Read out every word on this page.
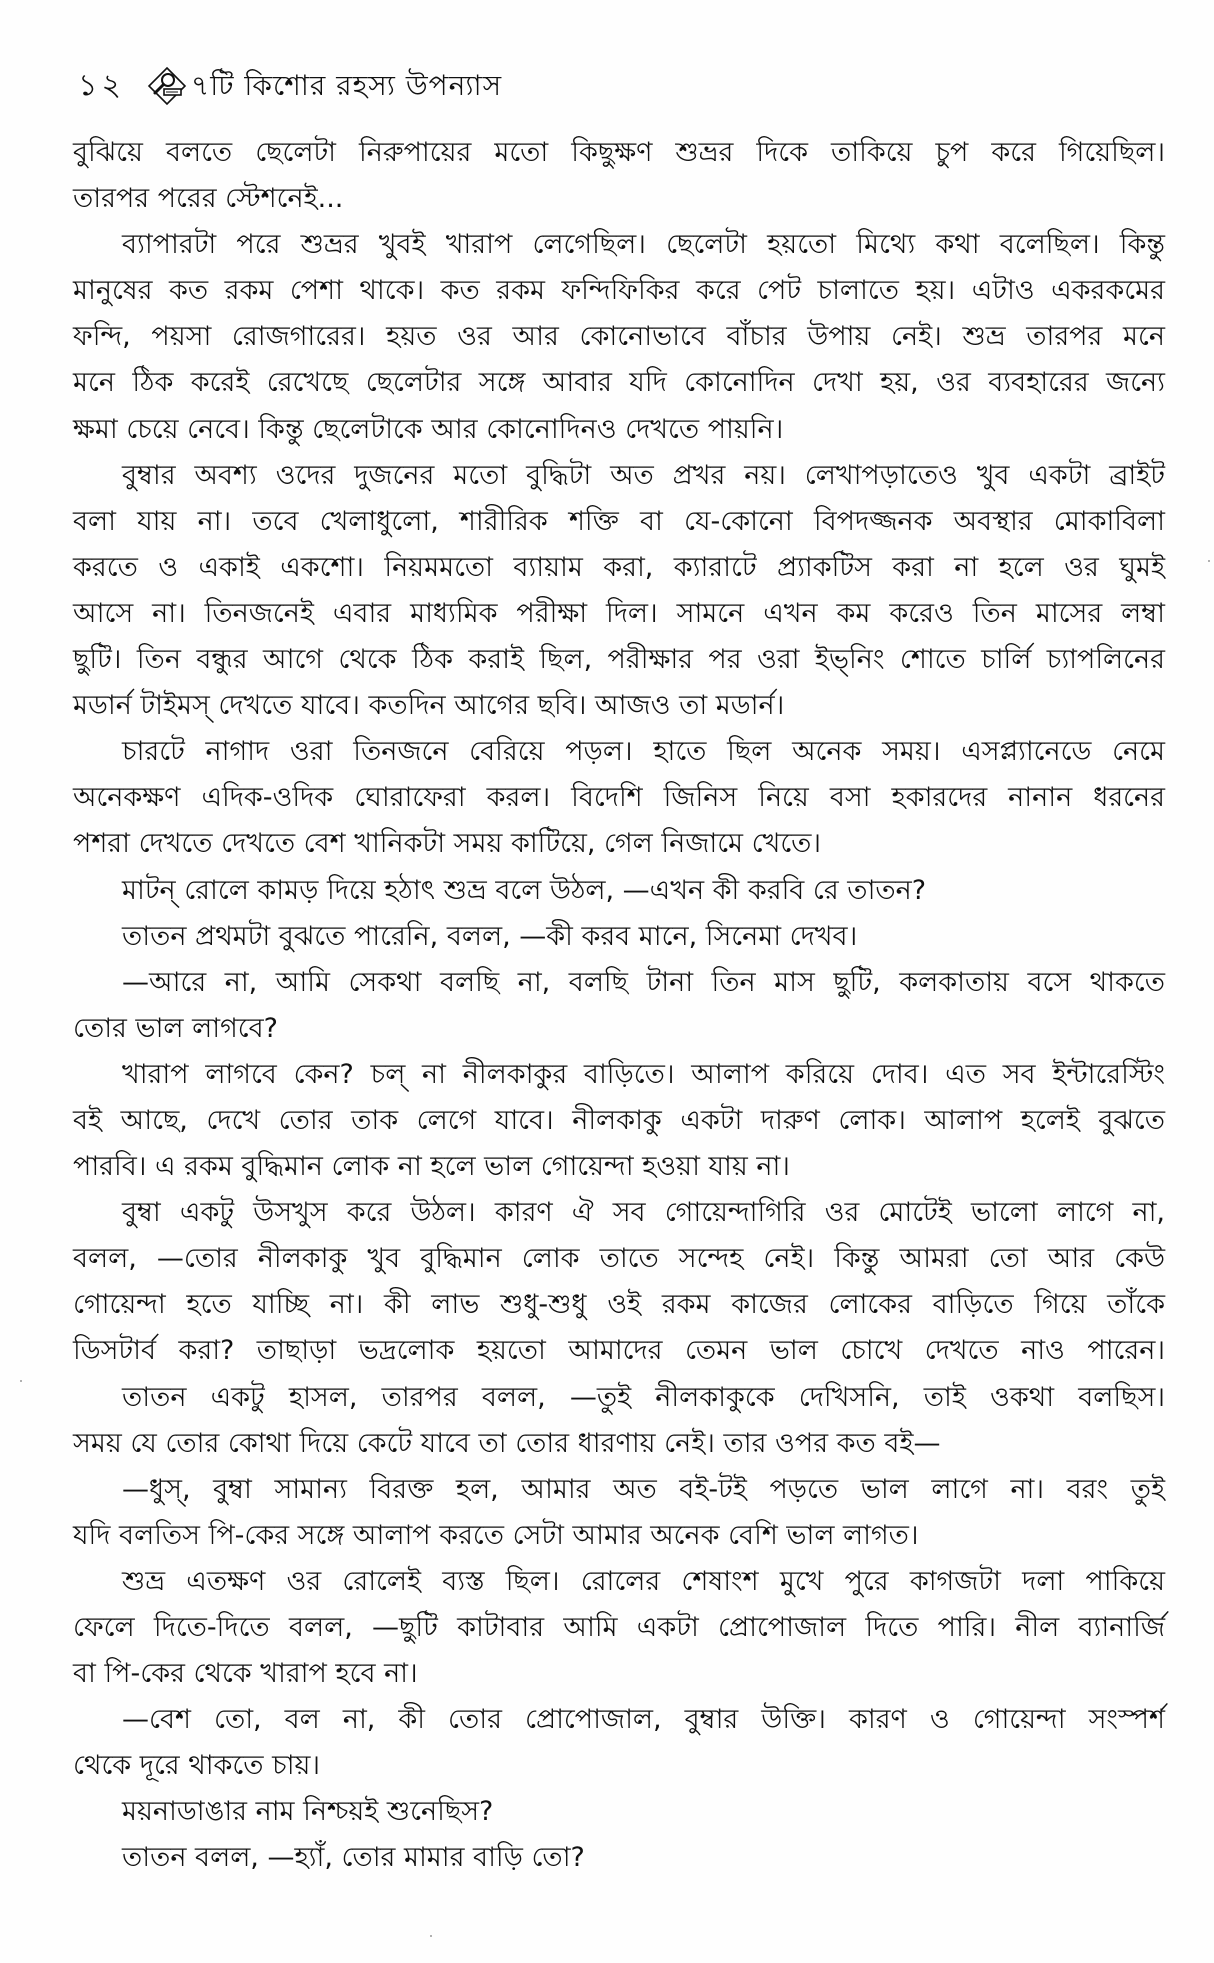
১২ ৭টি কিশোর রহস্য উপন্যাস
বুঝিয়ে বলতে ছেলেটা নিরুপায়ের মতো কিছুক্ষণ শুভ্রর দিকে তাকিয়ে চুপ করে গিয়েছিল।
তারপর পরের স্টেশনেই...
ব্যাপারটা পরে শুভ্রর খুবই খারাপ লেগেছিল। ছেলেটা হয়তো মিথ্যে কথা বলেছিল। কিন্তু
মানুষের কত রকম পেশা থাকে। কত রকম ফন্দিফিকির করে পেট চালাতে হয়। এটাও একরকমের
ফন্দি, পয়সা রোজগারের। হয়ত ওর আর কোনোভাবে বাঁচার উপায় নেই। শুভ্র তারপর মনে
মনে ঠিক করেই রেখেছে ছেলেটার সঙ্গে আবার যদি কোনোদিন দেখা হয়, ওর ব্যবহারের জন্যে
ক্ষমা চেয়ে নেবে। কিন্তু ছেলেটাকে আর কোনোদিনও দেখতে পায়নি।
বুম্বার অবশ্য ওদের দুজনের মতো বুদ্ধিটা অত প্রখর নয়। লেখাপড়াতেও খুব একটা ব্রাইট
বলা যায় না। তবে খেলাধুলো, শারীরিক শক্তি বা যে-কোনো বিপদজ্জনক অবস্থার মোকাবিলা
করতে ও একাই একশো। নিয়মমতো ব্যায়াম করা, ক্যারাটে প্র্যাকটিস করা না হলে ওর ঘুমই
আসে না। তিনজনেই এবার মাধ্যমিক পরীক্ষা দিল। সামনে এখন কম করেও তিন মাসের লম্বা
ছুটি। তিন বন্ধুর আগে থেকে ঠিক করাই ছিল, পরীক্ষার পর ওরা ইভ্‌নিং শোতে চার্লি চ্যাপলিনের
মডার্ন টাইমস্ দেখতে যাবে। কতদিন আগের ছবি। আজও তা মডার্ন।
চারটে নাগাদ ওরা তিনজনে বেরিয়ে পড়ল। হাতে ছিল অনেক সময়। এসপ্ল্যানেডে নেমে
অনেকক্ষণ এদিক-ওদিক ঘোরাফেরা করল। বিদেশি জিনিস নিয়ে বসা হকারদের নানান ধরনের
পশরা দেখতে দেখতে বেশ খানিকটা সময় কাটিয়ে, গেল নিজামে খেতে।
মাটন্ রোলে কামড় দিয়ে হঠাৎ শুভ্র বলে উঠল, —এখন কী করবি রে তাতন?
তাতন প্রথমটা বুঝতে পারেনি, বলল, —কী করব মানে, সিনেমা দেখব।
—আরে না, আমি সেকথা বলছি না, বলছি টানা তিন মাস ছুটি, কলকাতায় বসে থাকতে
তোর ভাল লাগবে?
খারাপ লাগবে কেন? চল্ না নীলকাকুর বাড়িতে। আলাপ করিয়ে দোব। এত সব ইন্টারেস্টিং
বই আছে, দেখে তোর তাক লেগে যাবে। নীলকাকু একটা দারুণ লোক। আলাপ হলেই বুঝতে
পারবি। এ রকম বুদ্ধিমান লোক না হলে ভাল গোয়েন্দা হওয়া যায় না।
বুম্বা একটু উসখুস করে উঠল। কারণ ঐ সব গোয়েন্দাগিরি ওর মোটেই ভালো লাগে না,
বলল, —তোর নীলকাকু খুব বুদ্ধিমান লোক তাতে সন্দেহ নেই। কিন্তু আমরা তো আর কেউ
গোয়েন্দা হতে যাচ্ছি না। কী লাভ শুধু-শুধু ওই রকম কাজের লোকের বাড়িতে গিয়ে তাঁকে
ডিসটার্ব করা? তাছাড়া ভদ্রলোক হয়তো আমাদের তেমন ভাল চোখে দেখতে নাও পারেন।
তাতন একটু হাসল, তারপর বলল, —তুই নীলকাকুকে দেখিসনি, তাই ওকথা বলছিস।
সময় যে তোর কোথা দিয়ে কেটে যাবে তা তোর ধারণায় নেই। তার ওপর কত বই—
—ধুস্, বুম্বা সামান্য বিরক্ত হল, আমার অত বই-টই পড়তে ভাল লাগে না। বরং তুই
যদি বলতিস পি-কের সঙ্গে আলাপ করতে সেটা আমার অনেক বেশি ভাল লাগত।
শুভ্র এতক্ষণ ওর রোলেই ব্যস্ত ছিল। রোলের শেষাংশ মুখে পুরে কাগজটা দলা পাকিয়ে
ফেলে দিতে-দিতে বলল, —ছুটি কাটাবার আমি একটা প্রোপোজাল দিতে পারি। নীল ব্যানার্জি
বা পি-কের থেকে খারাপ হবে না।
—বেশ তো, বল না, কী তোর প্রোপোজাল, বুম্বার উক্তি। কারণ ও গোয়েন্দা সংস্পর্শ
থেকে দূরে থাকতে চায়।
ময়নাডাঙার নাম নিশ্চয়ই শুনেছিস?
তাতন বলল, —হ্যাঁ, তোর মামার বাড়ি তো?
